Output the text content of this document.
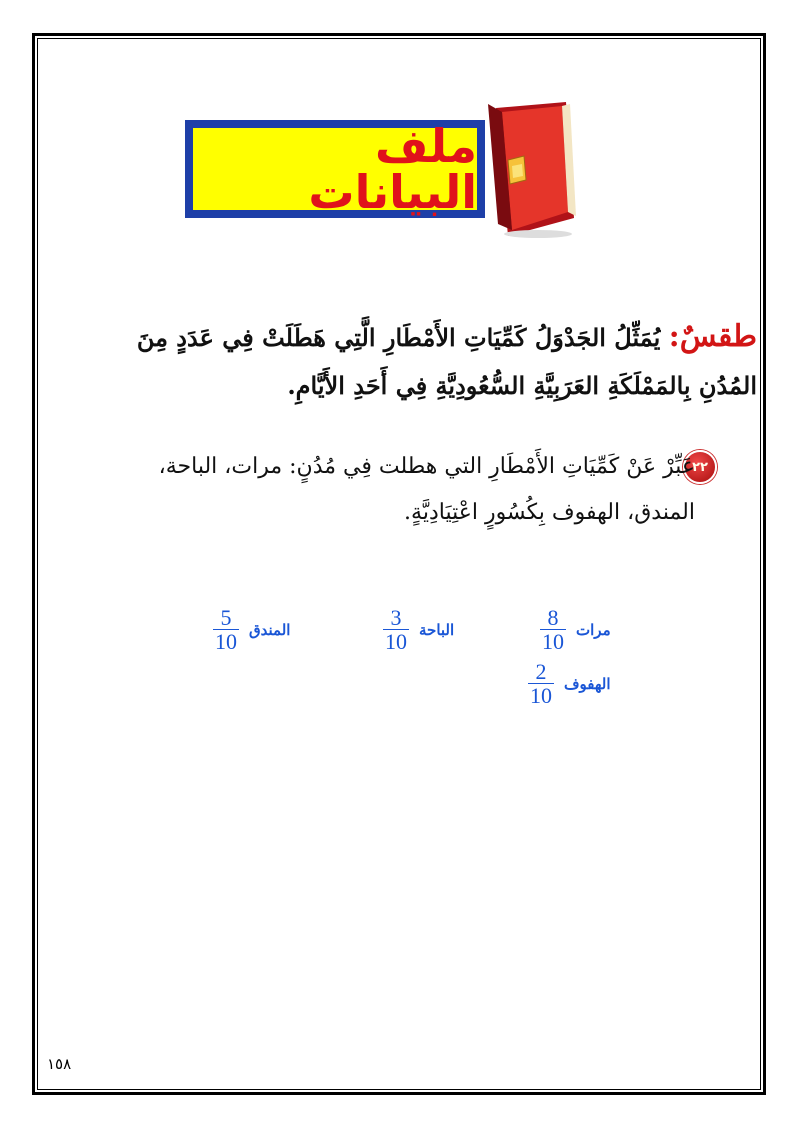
ملف البيانات
طقسٌ: يُمَثِّلُ الجَدْوَلُ كَمِّيَاتِ الأَمْطَارِ الَّتِي هَطَلَتْ فِي عَدَدٍ مِنَ المُدُنِ بِالمَمْلَكَةِ العَرَبِيَّةِ السُّعُودِيَّةِ فِي أَحَدِ الأَيَّامِ.
٢٢
عَبِّرْ عَنْ كَمِّيَاتِ الأَمْطَارِ التي هطلت فِي مُدُنٍ: مرات، الباحة، المندق، الهفوف بِكُسُورٍ اعْتِيَادِيَّةٍ.
مرات
$\frac{8}{10}$
الباحة
$\frac{3}{10}$
المندق
$\frac{5}{10}$
الهفوف
$\frac{2}{10}$
١٥٨
